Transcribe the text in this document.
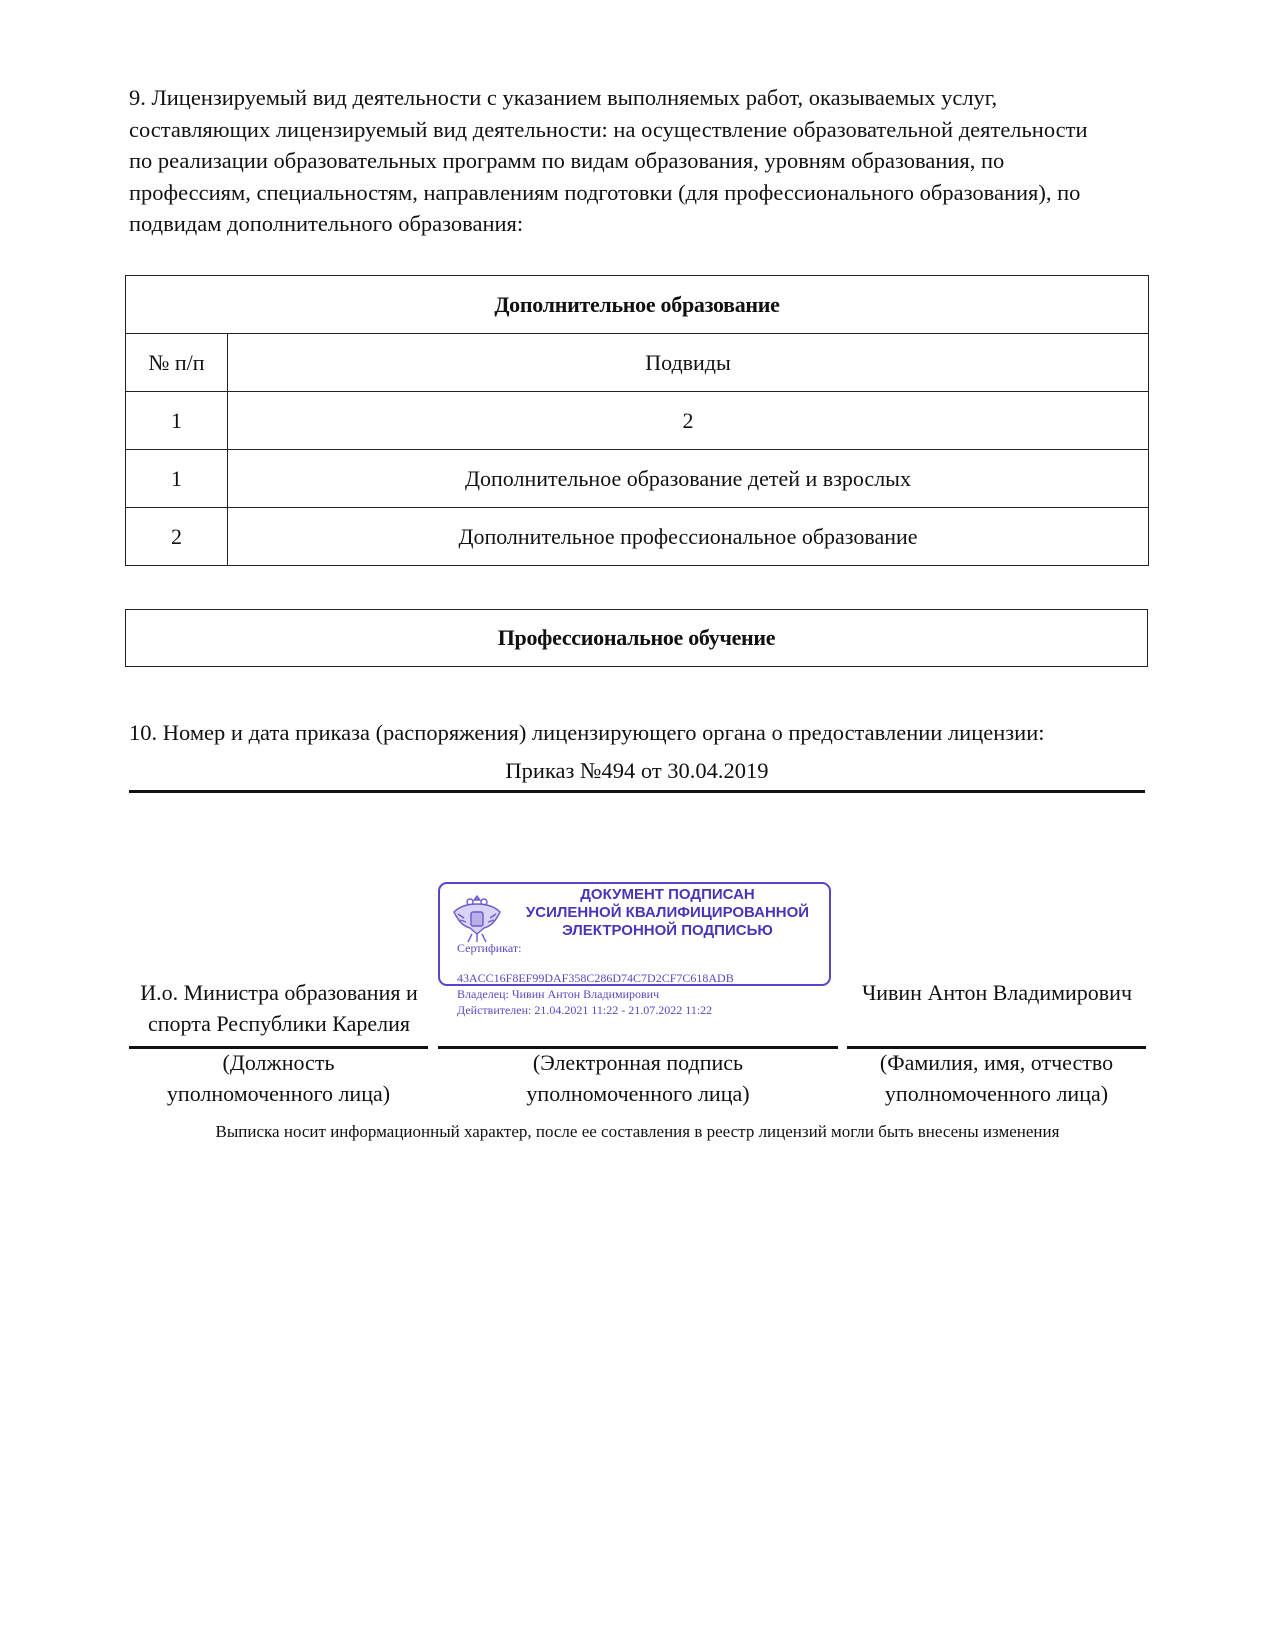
9. Лицензируемый вид деятельности с указанием выполняемых работ, оказываемых услуг,
составляющих лицензируемый вид деятельности: на осуществление образовательной деятельности
по реализации образовательных программ по видам образования, уровням образования, по
профессиям, специальностям, направлениям подготовки (для профессионального образования), по
подвидам дополнительного образования:
Дополнительное образование	
№ п/п	Подвиды
1	2
1	Дополнительное образование детей и взрослых
2	Дополнительное профессиональное образование
Профессиональное обучение
10. Номер и дата приказа (распоряжения) лицензирующего органа о предоставлении лицензии:
Приказ №494 от 30.04.2019
ДОКУМЕНТ ПОДПИСАН
УСИЛЕННОЙ КВАЛИФИЦИРОВАННОЙ
ЭЛЕКТРОННОЙ ПОДПИСЬЮ
Сертификат:
43ACC16F8EF99DAF358C286D74C7D2CF7C618ADB
Владелец: Чивин Антон Владимирович
Действителен: 21.04.2021 11:22 - 21.07.2022 11:22
И.о. Министра образования и
спорта Республики Карелия
Чивин Антон Владимирович
(Должность
уполномоченного лица)
(Электронная подпись
уполномоченного лица)
(Фамилия, имя, отчество
уполномоченного лица)
Выписка носит информационный характер, после ее составления в реестр лицензий могли быть внесены изменения
